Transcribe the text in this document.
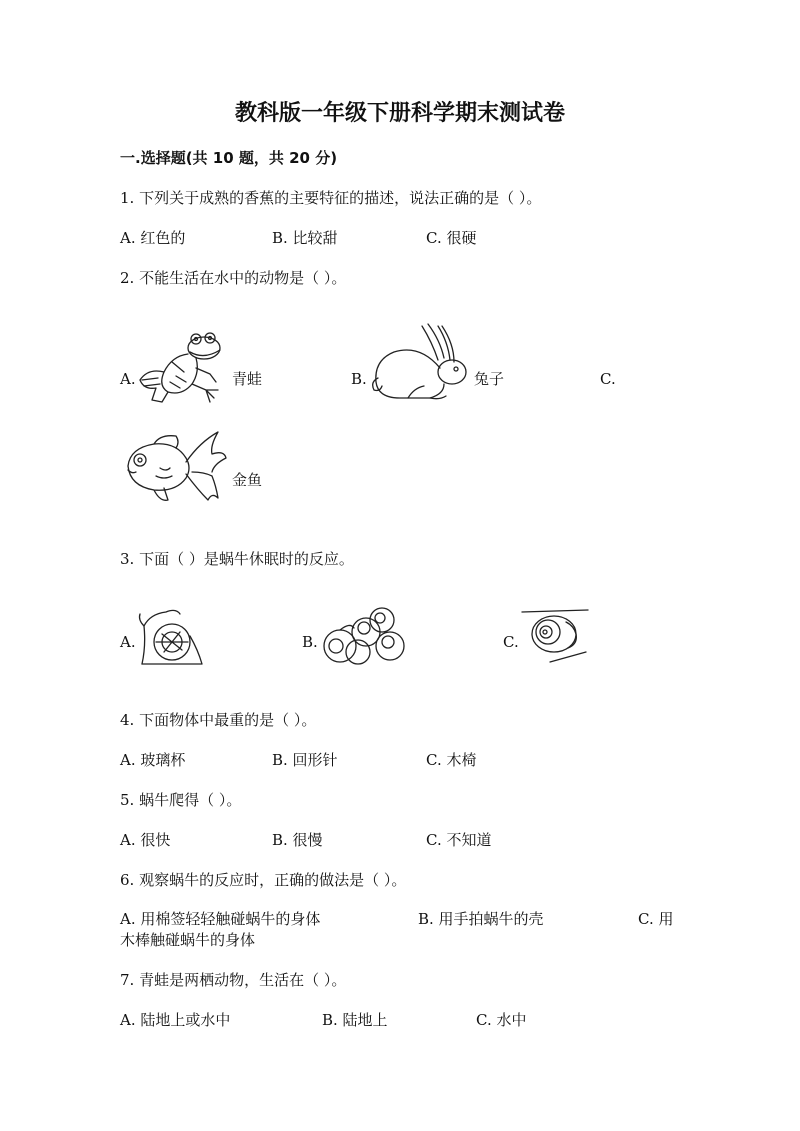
教科版一年级下册科学期末测试卷
一.选择题(共 10 题，共 20 分)
1. 下列关于成熟的香蕉的主要特征的描述，说法正确的是（ ）。
A. 红色的	B. 比较甜	C. 很硬
2. 不能生活在水中的动物是（ ）。
A.	青蛙	B.	兔子	C.
金鱼
3. 下面（ ）是蜗牛休眠时的反应。
A.	B.	C.
4. 下面物体中最重的是（ ）。
A. 玻璃杯	B. 回形针	C. 木椅
5. 蜗牛爬得（ ）。
A. 很快	B. 很慢	C. 不知道
6. 观察蜗牛的反应时，正确的做法是（ ）。
A. 用棉签轻轻触碰蜗牛的身体	B. 用手拍蜗牛的壳	C. 用
木棒触碰蜗牛的身体
7. 青蛙是两栖动物，生活在（ ）。
A. 陆地上或水中	B. 陆地上	C. 水中
